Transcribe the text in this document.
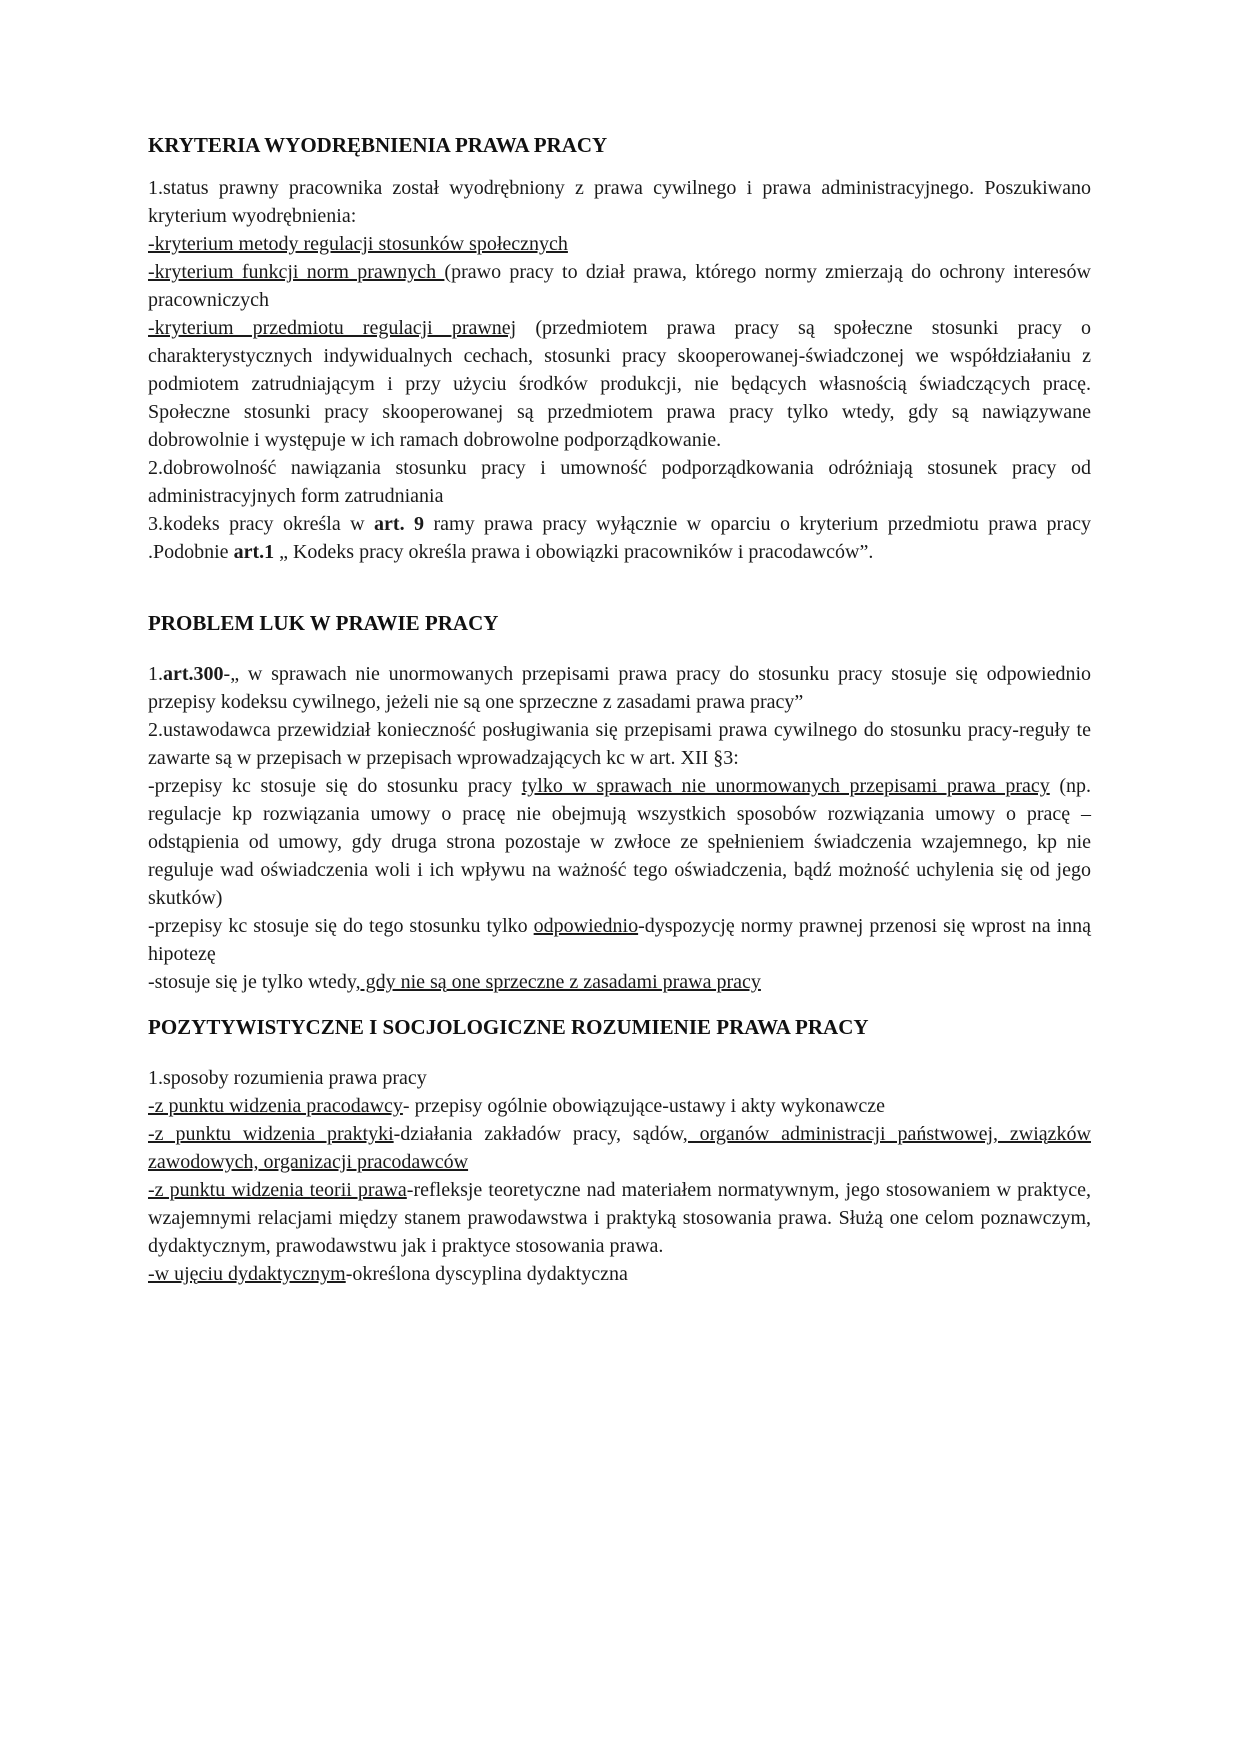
KRYTERIA WYODRĘBNIENIA PRAWA PRACY

1.status prawny pracownika został wyodrębniony z prawa cywilnego i prawa administracyjnego. Poszukiwano kryterium wyodrębnienia:

-kryterium metody regulacji stosunków społecznych

-kryterium funkcji norm prawnych (prawo pracy to dział prawa, którego normy zmierzają do ochrony interesów pracowniczych

-kryterium przedmiotu regulacji prawnej (przedmiotem prawa pracy są społeczne stosunki pracy o charakterystycznych indywidualnych cechach, stosunki pracy skooperowanej-świadczonej we współdziałaniu z podmiotem zatrudniającym i przy użyciu środków produkcji, nie będących własnością świadczących pracę. Społeczne stosunki pracy skooperowanej są przedmiotem prawa pracy tylko wtedy, gdy są nawiązywane dobrowolnie i występuje w ich ramach dobrowolne podporządkowanie.

2.dobrowolność nawiązania stosunku pracy i umowność podporządkowania odróżniają stosunek pracy od administracyjnych form zatrudniania

3.kodeks pracy określa w art. 9 ramy prawa pracy wyłącznie w oparciu o kryterium przedmiotu prawa pracy .Podobnie art.1 „ Kodeks pracy określa prawa i obowiązki pracowników i pracodawców”.

PROBLEM LUK W PRAWIE PRACY

1.art.300-„ w sprawach nie unormowanych przepisami prawa pracy do stosunku pracy stosuje się odpowiednio przepisy kodeksu cywilnego, jeżeli nie są one sprzeczne z zasadami prawa pracy”

2.ustawodawca przewidział konieczność posługiwania się przepisami prawa cywilnego do stosunku pracy-reguły te zawarte są w przepisach w przepisach wprowadzających kc w art. XII §3:

-przepisy kc stosuje się do stosunku pracy tylko w sprawach nie unormowanych przepisami prawa pracy (np. regulacje kp rozwiązania umowy o pracę nie obejmują wszystkich sposobów rozwiązania umowy o pracę –odstąpienia od umowy, gdy druga strona pozostaje w zwłoce ze spełnieniem świadczenia wzajemnego, kp nie reguluje wad oświadczenia woli i ich wpływu na ważność tego oświadczenia, bądź możność uchylenia się od jego skutków)

-przepisy kc stosuje się do tego stosunku tylko odpowiednio-dyspozycję normy prawnej przenosi się wprost na inną hipotezę

-stosuje się je tylko wtedy, gdy nie są one sprzeczne z zasadami prawa pracy

POZYTYWISTYCZNE I SOCJOLOGICZNE ROZUMIENIE PRAWA PRACY

1.sposoby rozumienia prawa pracy

-z punktu widzenia pracodawcy- przepisy ogólnie obowiązujące-ustawy i akty wykonawcze

-z punktu widzenia praktyki-działania zakładów pracy, sądów, organów administracji państwowej, związków zawodowych, organizacji pracodawców

-z punktu widzenia teorii prawa-refleksje teoretyczne nad materiałem normatywnym, jego stosowaniem w praktyce, wzajemnymi relacjami między stanem prawodawstwa i praktyką stosowania prawa. Służą one celom poznawczym, dydaktycznym, prawodawstwu jak i praktyce stosowania prawa.

-w ujęciu dydaktycznym-określona dyscyplina dydaktyczna
